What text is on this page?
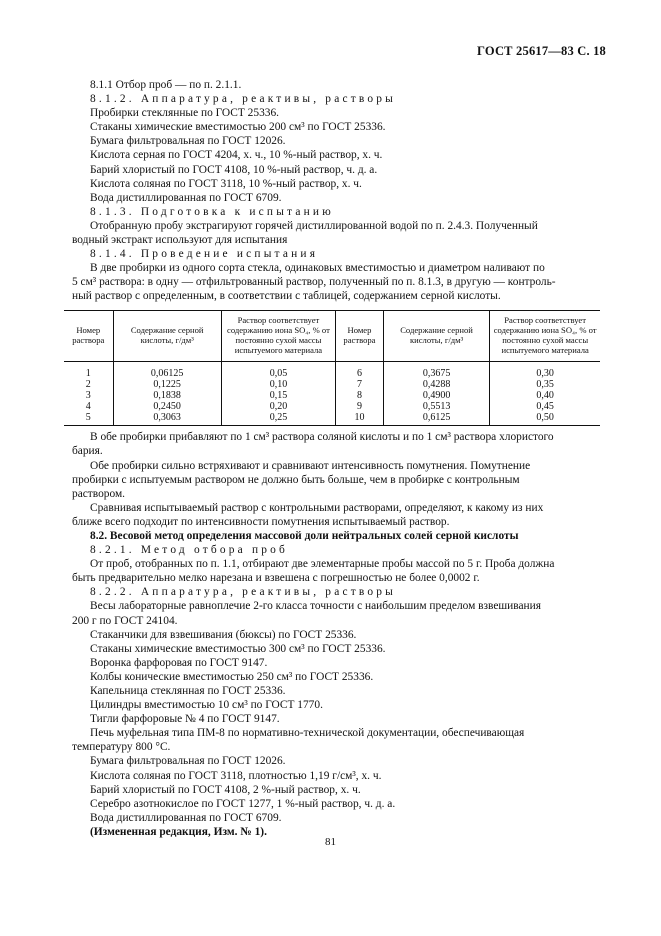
ГОСТ 25617—83 С. 18
8.1.1 Отбор проб — по п. 2.1.1.
8.1.2. Аппаратура, реактивы, растворы
Пробирки стеклянные по ГОСТ 25336.
Стаканы химические вместимостью 200 см³ по ГОСТ 25336.
Бумага фильтровальная по ГОСТ 12026.
Кислота серная по ГОСТ 4204, х. ч., 10 %-ный раствор, х. ч.
Барий хлористый по ГОСТ 4108, 10 %-ный раствор, ч. д. а.
Кислота соляная по ГОСТ 3118, 10 %-ный раствор, х. ч.
Вода дистиллированная по ГОСТ 6709.
8.1.3. Подготовка к испытанию
Отобранную пробу экстрагируют горячей дистиллированной водой по п. 2.4.3. Полученный
водный экстракт используют для испытания
8.1.4. Проведение испытания
В две пробирки из одного сорта стекла, одинаковых вместимостью и диаметром наливают по
5 см³ раствора: в одну — отфильтрованный раствор, полученный по п. 8.1.3, в другую — контроль-
ный раствор с определенным, в соответствии с таблицей, содержанием серной кислоты.
Номер раствора	Содержание серной кислоты, г/дм³	Раствор соответствует содержанию иона SO₄, % от постоянно сухой массы испытуемого материала	Номер раствора	Содержание серной кислоты, г/дм³	Раствор соответствует содержанию иона SO₄, % от постоянно сухой массы испытуемого материала
1	0,06125	0,05	6	0,3675	0,30
2	0,1225	0,10	7	0,4288	0,35
3	0,1838	0,15	8	0,4900	0,40
4	0,2450	0,20	9	0,5513	0,45
5	0,3063	0,25	10	0,6125	0,50
В обе пробирки прибавляют по 1 см³ раствора соляной кислоты и по 1 см³ раствора хлористого
бария.
Обе пробирки сильно встряхивают и сравнивают интенсивность помутнения. Помутнение
пробирки с испытуемым раствором не должно быть больше, чем в пробирке с контрольным
раствором.
Сравнивая испытываемый раствор с контрольными растворами, определяют, к какому из них
ближе всего подходит по интенсивности помутнения испытываемый раствор.
8.2. Весовой метод определения массовой доли нейтральных солей серной кислоты
8.2.1. Метод отбора проб
От проб, отобранных по п. 1.1, отбирают две элементарные пробы массой по 5 г. Проба должна
быть предварительно мелко нарезана и взвешена с погрешностью не более 0,0002 г.
8.2.2. Аппаратура, реактивы, растворы
Весы лабораторные равноплечие 2-го класса точности с наибольшим пределом взвешивания
200 г по ГОСТ 24104.
Стаканчики для взвешивания (бюксы) по ГОСТ 25336.
Стаканы химические вместимостью 300 см³ по ГОСТ 25336.
Воронка фарфоровая по ГОСТ 9147.
Колбы конические вместимостью 250 см³ по ГОСТ 25336.
Капельница стеклянная по ГОСТ 25336.
Цилиндры вместимостью 10 см³ по ГОСТ 1770.
Тигли фарфоровые № 4 по ГОСТ 9147.
Печь муфельная типа ПМ-8 по нормативно-технической документации, обеспечивающая
температуру 800 °С.
Бумага фильтровальная по ГОСТ 12026.
Кислота соляная по ГОСТ 3118, плотностью 1,19 г/см³, х. ч.
Барий хлористый по ГОСТ 4108, 2 %-ный раствор, х. ч.
Серебро азотнокислое по ГОСТ 1277, 1 %-ный раствор, ч. д. а.
Вода дистиллированная по ГОСТ 6709.
(Измененная редакция, Изм. № 1).
81
